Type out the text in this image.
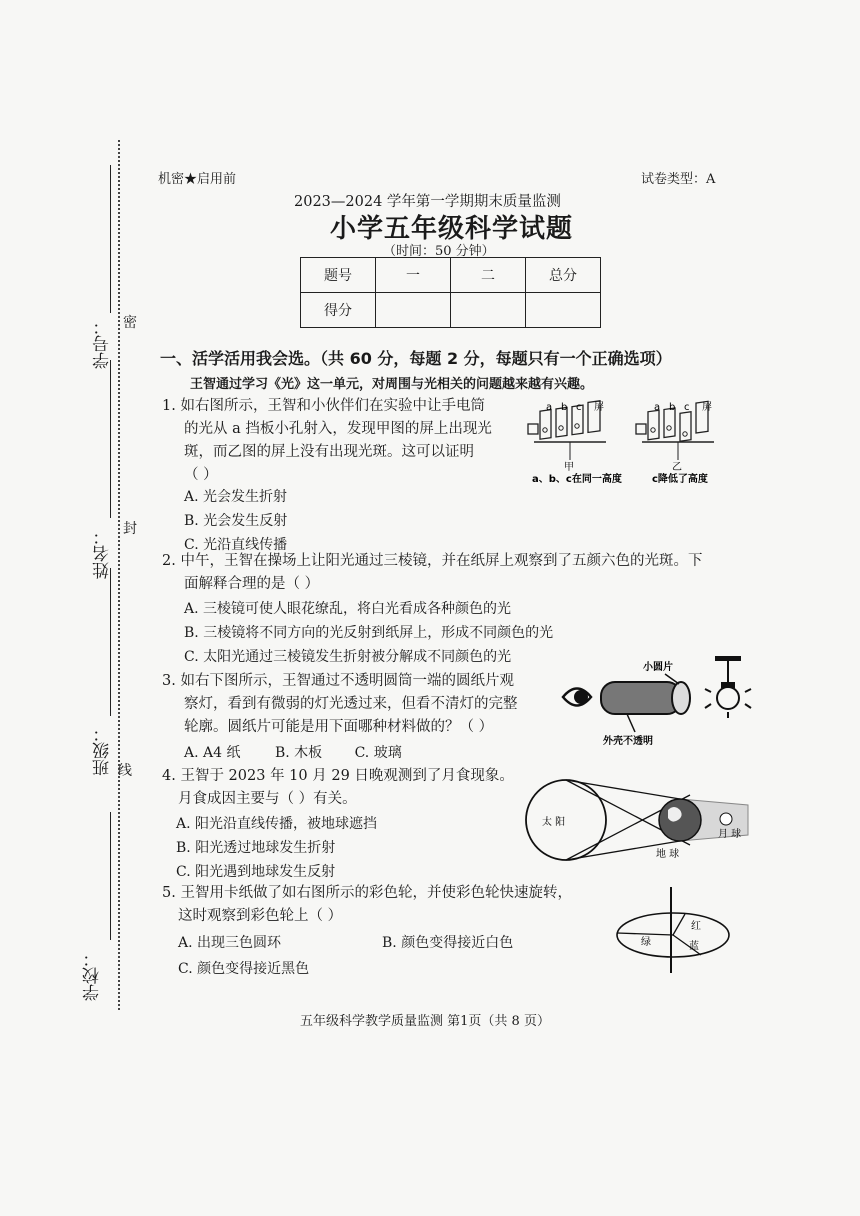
密
封
线
学号：
姓名：
班级：
学校：
机密★启用前	试卷类型：A
2023—2024 学年第一学期期末质量监测
小学五年级科学试题
（时间：50 分钟）
题号	一	二	总分
得分			
一、活学活用我会选。（共 60 分，每题 2 分，每题只有一个正确选项）
王智通过学习《光》这一单元，对周围与光相关的问题越来越有兴趣。
1. 如右图所示，王智和小伙伴们在实验中让手电筒
的光从 a 挡板小孔射入，发现甲图的屏上出现光
斑，而乙图的屏上没有出现光斑。这可以证明
（ ）
A. 光会发生折射
B. 光会发生反射
C. 光沿直线传播
a b c 屏
甲
a、b、c在同一高度
a b c 屏
乙
c降低了高度
2. 中午，王智在操场上让阳光通过三棱镜，并在纸屏上观察到了五颜六色的光斑。下
面解释合理的是（ ）
A. 三棱镜可使人眼花缭乱，将白光看成各种颜色的光
B. 三棱镜将不同方向的光反射到纸屏上，形成不同颜色的光
C. 太阳光通过三棱镜发生折射被分解成不同颜色的光
3. 如右下图所示，王智通过不透明圆筒一端的圆纸片观
察灯，看到有微弱的灯光透过来，但看不清灯的完整
轮廓。圆纸片可能是用下面哪种材料做的？（ ）
A. A4 纸 B. 木板 C. 玻璃
小圆片
外壳不透明
4. 王智于 2023 年 10 月 29 日晚观测到了月食现象。
月食成因主要与（ ）有关。
A. 阳光沿直线传播，被地球遮挡
B. 阳光透过地球发生折射
C. 阳光遇到地球发生反射
太 阳
月 球
地 球
5. 王智用卡纸做了如右图所示的彩色轮，并使彩色轮快速旋转，
这时观察到彩色轮上（ ）
A. 出现三色圆环	B. 颜色变得接近白色
C. 颜色变得接近黑色
红
绿	蓝
五年级科学教学质量监测 第1页（共 8 页）
